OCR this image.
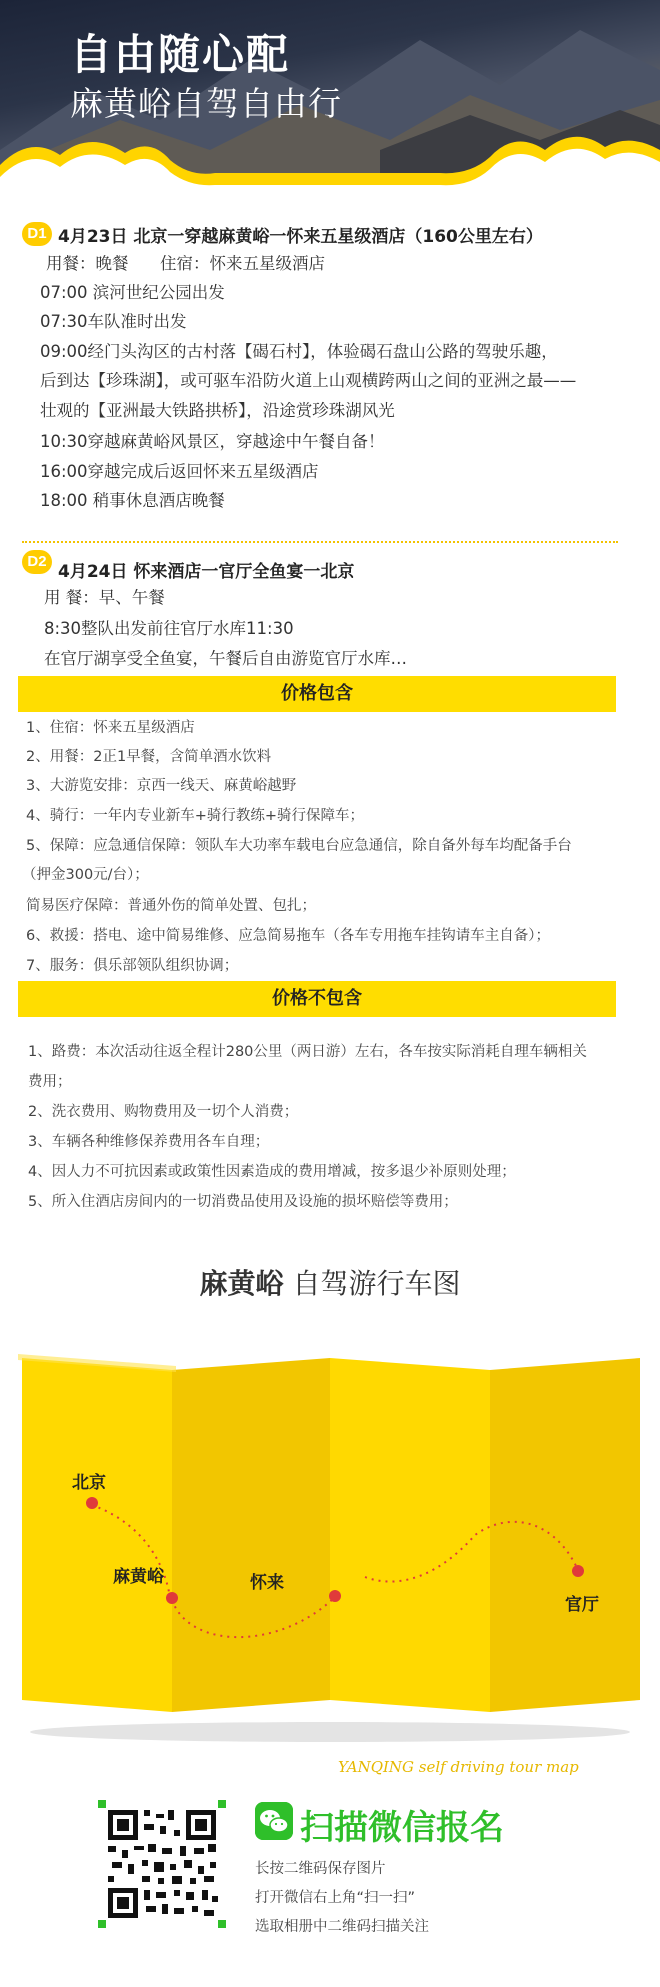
自由随心配
麻黄峪自驾自由行
D1 4月23日 北京一穿越麻黄峪一怀来五星级酒店（160公里左右）
用餐：晚餐 住宿：怀来五星级酒店
07:00 滨河世纪公园出发
07:30车队准时出发
09:00经门头沟区的古村落【碣石村】，体验碣石盘山公路的驾驶乐趣，
后到达【珍珠湖】，或可驱车沿防火道上山观横跨两山之间的亚洲之最——
壮观的【亚洲最大铁路拱桥】，沿途赏珍珠湖风光
10:30穿越麻黄峪风景区，穿越途中午餐自备！
16:00穿越完成后返回怀来五星级酒店
18:00 稍事休息酒店晚餐
D2
4月24日 怀来酒店一官厅全鱼宴一北京
用 餐：早、午餐
8:30整队出发前往官厅水库11:30
在官厅湖享受全鱼宴，午餐后自由游览官厅水库…
价格包含
1、住宿：怀来五星级酒店
2、用餐：2正1早餐，含简单酒水饮料
3、大游览安排：京西一线天、麻黄峪越野
4、骑行：一年内专业新车+骑行教练+骑行保障车；
5、保障：应急通信保障：领队车大功率车载电台应急通信，除自备外每车均配备手台
（押金300元/台）；
简易医疗保障：普通外伤的简单处置、包扎；
6、救援：搭电、途中简易维修、应急简易拖车（各车专用拖车挂钩请车主自备）；
7、服务：俱乐部领队组织协调；
价格不包含
1、路费：本次活动往返全程计280公里（两日游）左右，各车按实际消耗自理车辆相关
费用；
2、洗衣费用、购物费用及一切个人消费；
3、车辆各种维修保养费用各车自理；
4、因人力不可抗因素或政策性因素造成的费用增减，按多退少补原则处理；
5、所入住酒店房间内的一切消费品使用及设施的损坏赔偿等费用；
麻黄峪 自驾游行车图
北京
麻黄峪	怀来
官厅
YANQING self driving tour map
扫描微信报名
长按二维码保存图片
打开微信右上角“扫一扫”
选取相册中二维码扫描关注
